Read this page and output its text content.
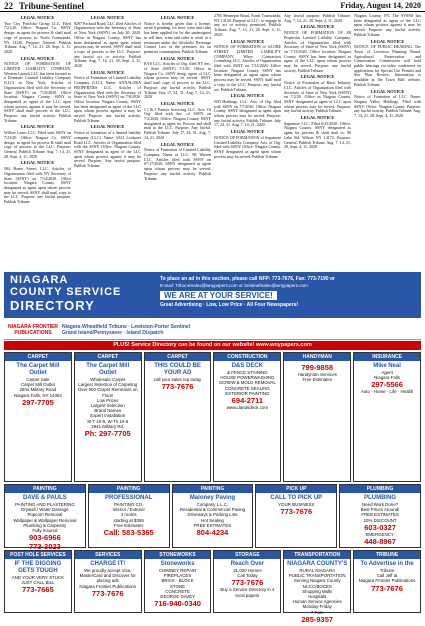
22 Tribune-Sentinel	Friday, August 14, 2020
LEGAL NOTICE

Two City Portfolio Group LLC. Filed 7/21/20. Office: Niagara Co. SSNY design. as agent for process & shall mail copy of process to: North Tonawanda, NY 14120. Purpose: General. Publish Tribune. Aug. 7, 14, 21, 28, Sept. 4, 11, 2020

LEGAL NOTICE

NOTICE OF FORMATION OF LIMITED LIABILITY COMPANY. Western Launch LLC has been formed as a Domestic Limited Liability Company (LLC) in New York. Articles of Organization filed with the Secretary of State (SSNY) on 7/10/2020. Office location: Niagara County. SSNY is designated as agent of the LLC upon whom process against it may be served. SSNY shall mail process to the LLC. Purpose: any lawful activity. Publish Tribune.

LEGAL NOTICE

Willow Lanes LLC. Filed with SSNY on 7/23/20. Office: Niagara Co. SSNY design. as agent for process & shall mail copy of process to the LLC. Purpose: General. Publish Tribune. Aug. 7, 14, 21, 28, Sept. 4, 11, 2020

LEGAL NOTICE

584 Home Street, LLC. Articles of Organization filed with NY Secretary of State (SSNY) on 7/14/2020. Office location: Niagara County. SSNY designated as agent upon whom process may be served. SSNY shall mail copy to the LLC. Purpose: any lawful purpose. Publish Tribune.

LEGAL NOTICE

8297 Packard Road, LLC filed Articles of Organization with the Secretary of State of New York (SSNY) on July 20, 2020. Office in Niagara County. SSNY has been designated as agent upon whom process may be served. SSNY shall mail a copy of process to the LLC. Purpose: any lawful act or activity. Publish Tribune. Aug. 7, 14, 21, 28, Sept. 4, 11, 2020

LEGAL NOTICE

Notice of Formation of Limited Liability Company (LLC). Name: ANNALORA PROPERTIES LLC. Articles of Organization filed with the Secretary of State of New York (SSNY) on 7/8/2020. Office location: Niagara County. SSNY has been designated as agent of the LLC upon whom process against it may be served. Purpose: any lawful activity. Publish Tribune.

LEGAL NOTICE

Notice of formation of a limited liability company (LLC). Name: 6321 Lockport Road LLC. Articles of Organization filed with the SSNY. Office: Niagara County. SSNY designated as agent of the LLC upon whom process against it may be served. Purpose: Any lawful purpose. Publish Tribune.

LEGAL NOTICE

Notice is hereby given that a license, serial # pending, for beer, wine and cider has been applied for by the undersigned to sell beer, wine and cider at retail in a restaurant under the Alcoholic Beverage Control Law at the premises for on premises consumption. Publish Tribune.

LEGAL NOTICE

KYS LLC. Articles of Org. filed NY Sec. of State (SSNY) 7/1/20. Office in Niagara Co. SSNY desig. agent of LLC whom process may be served. SSNY shall mail copy of process to the LLC. Purpose: any lawful activity. Publish Tribune. July 17, 24, 31, Aug. 7, 14, 21, 2020

LEGAL NOTICE

J J & J Partner Servicing LLC. Arts. Of Org. filed with Sec. of SSNY on 7/2/2020. Office: Niagara County. SSNY designated as agent for Process and shall mail to the LLC. Purpose: Any lawful. Publish Tribune. July 17, 24, 31, Aug. 7, 14, 21, 2020

LEGAL NOTICE

Notice of Formation of Limited Liability Company. Name of LLC: 5K Warren LLC. Articles filed with SSNY on 07/17/2020. SSNY designated as agent upon whom process may be served. Purpose: any lawful activity. Publish Tribune.

2765 Hennepin Road, North Tonawanda, NY 14120. Purpose of LLC: to engage in any act or activity permitted. Publish Tribune. Aug. 7, 14, 21, 28, Sept. 4, 11, 2020

LEGAL NOTICE

NOTICE OF FORMATION of GLOBE STREET LIMITED LIABILITY COMPANY. Whey Contractors Consulting LLC. Articles of Organization filed with SSNY on 7/14/2020. Office location: Niagara County. SSNY has been designated as agent upon whom process may be served. SSNY shall mail a copy to the LLC. Purpose: any lawful act. Publish Tribune.

LEGAL NOTICE

WD Holdings, LLC. Arts. of Org. filed with SSNY on 7/7/2020. Office: Niagara County. SSNY designated as agent upon whom process may be served. Purpose: any lawful activity. Publish Tribune. July 17, 24, 31, Aug. 7, 14, 21, 2020

LEGAL NOTICE

NOTICE OF FORMATION of Sagamore Limited Liability Company. Arts. of Org. filed with SSNY. Office: Niagara County. SSNY designated as agent upon whom process may be served. Publish Tribune.

Any lawful purpose. Publish Tribune. Aug. 7, 14, 21, 28, Sept. 4, 11, 2020

LEGAL NOTICE

NOTICE OF FORMATION OF 3B Properties Limited Liability Company. Articles of Organization filed with Secretary of State of New York (SSNY) on 7/13/2020. Office location: Niagara County. SSNY has been designated as agent of the LLC upon whom process may be served. Purpose: any lawful activity. Publish Tribune.

LEGAL NOTICE

Notice of Formation of Basic Industry LLC. Articles of Organization filed with Secretary of State of New York (SSNY) on 7/2/20. Office in Niagara County. SSNY designated as agent of LLC upon whom process may be served. Purpose: any lawful activity. Publish Tribune.

LEGAL NOTICE

Sagamore LLC. Filed 6/25/2020. Office: Niagara County. SSNY designated as agent for process & shall mail to: 90 Lake Rd. Wilson NY 14172. Purpose: General. Publish Tribune. Aug. 7, 14, 21, 28, Sept. 4, 11, 2020

Niagara County, NY. The SYSNS has been designated as agent of the LLC upon whom process against it may be served. Purpose: any lawful activity. Publish Tribune.

LEGAL NOTICE

NOTICE OF PUBLIC HEARING. The Town of Lewiston Planning Board, Agricultural Preservation and Conservation Commission will hold public hearings via video conference on applications for Special Use Permits and Site Plan Review. Information is available at the Town Hall website. Publish Tribune.

LEGAL NOTICE

Notice of Formation of LLC. Name: Niagara Valley Holdings. Filed with SSNY. Office: Niagara County. Purpose: any lawful activity. Publish Tribune. Aug. 7, 14, 21, 28, Sept. 4, 11, 2020

NIAGARA
COUNTY SERVICE
DIRECTORY
To place an ad in this section, please call NFP: 773-7676, Fax: 773-7190 or
E-mail: TribuneSales@wnypapers.com or SentinelSales@wnypapers.com
WE ARE AT YOUR SERVICE!
Great Advertising · Low, Low Price · All Four Newspapers!
NIAGARA FRONTIER PUBLICATIONS
Niagara-Wheatfield Tribune · Lewiston-Porter Sentinel
Grand Island/Pennysaver · Island Dispatch
PLUS! Service Directory can be found on our website! www.wnypapers.com
CARPET
The Carpet Mill Outlet
Carpet Sale
Carpet Mill Outlet
2941 Military Road
Niagara Falls, NY 14304
297-7705
CARPET
The Carpet Mill Outlet
Wholesale Carpet
Largest Selection of Carpeting
Over 600 Carpet Remnants on Floor!
Low Prices
Largest Selection
Brand Names
Expert Installation
M-T 10-8, W-Th 10-6
2941 Military Rd.
Ph: 297-7705
CARPET
THIS COULD BE YOUR AD
call your sales rep today
773-7676
CONSTRUCTION
D&S DECK
& FENCE STAINING
HOUSE POWERWASHING
SCREW & MOLD REMOVAL
CONCRETE SEALING
EXTERIOR PAINTING
694-2711
www.dandsdeck.com
HANDYMAN
799-9858
Handyman Services
Free Estimates
INSURANCE
Mike Neal
Agent
Niagara Falls
297-5566
Auto · Home · Life · Health
PAINTING
DAVE & PAULS
PAINTING AND PLASTERING
Drywall / Water Damage
Popcorn Removal
Wallpaper & Wallpaper Removal
Plumbing & Carpentry
Fully Insured
903-6966
773-3023
PAINTING
PROFESSIONAL
PAINTING CO.
Interior / Exterior
3 rooms
starting at $395
Free Estimates
Call: 583-5365
PAINTING
Maloney Paving
Company L.L.C.
Residential & Commercial Paving
Driveways & Parking Lots
Hot Sealing
FREE ESTIMATES
804-4234
PICK UP
CALL TO PICK UP
YOUR BUSINESS
773-7676
PLUMBING
PLUMBING
Need Work Done?
Best Prices Around!
FREE ESTIMATES
10% DISCOUNT
603-0327
EMERGENCY:
448-8967
POST HOLE SERVICES
IF THE DIGGING GETS TOUGH
AND YOUR VERY STUCK
JUST CALL BILL
773-7665
SERVICES
CHARGE IT!
We proudly accept Visa, MasterCard and Discover for placing ads
Niagara Frontier Publications
773-7676
STONEWORKS
Stoneworks
CHIMNEY REPAIR
FIREPLACES
BRICK · BLOCK
STONE
CONCRETE
GEORGE DAVEY
716-940-0340
STORAGE
Reach Over
31,000 Homes
Call Today
773-7676
Buy a Service Directory in 4 local papers
TRANSPORTATION
NIAGARA COUNTY'S
RURAL NIAGARA
PUBLIC TRANSPORTATION
Serving Niagara County
NCCC/BOCES
Shopping Malls
Hospitals
Human Service Agencies
Monday-Friday
7 Fare
285-9357
TRIBUNE
To Advertise in the
Tribune
Call Jeff at
Niagara Frontier Publications
773-7676
